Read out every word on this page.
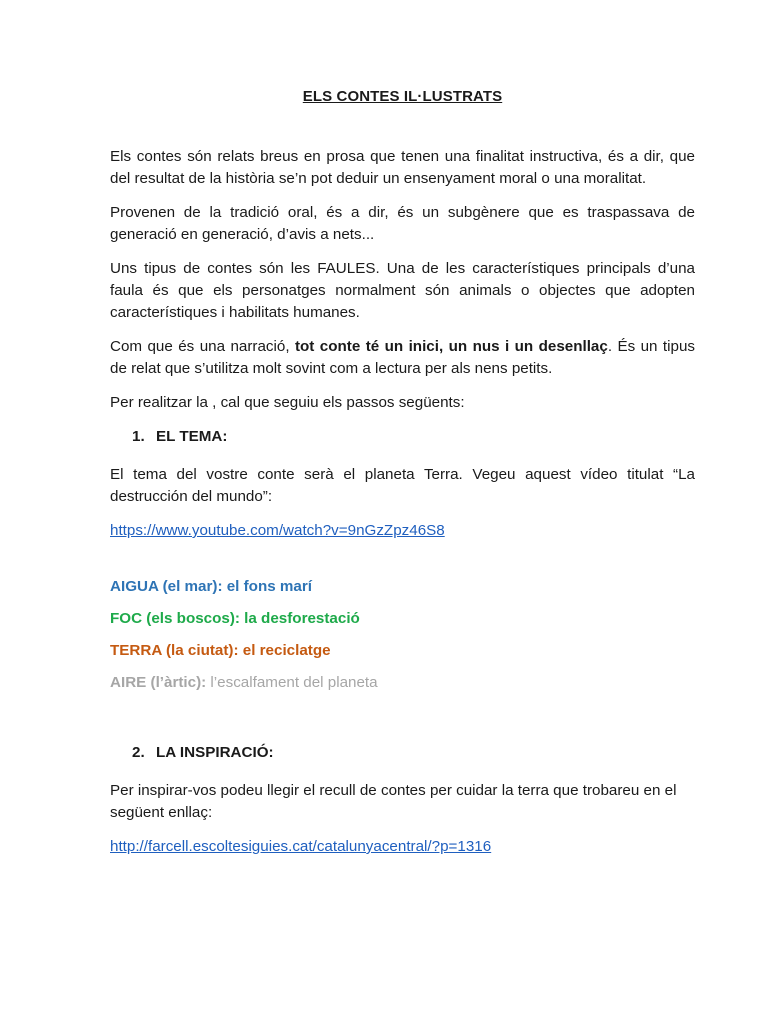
ELS CONTES IL·LUSTRATS

Els contes són relats breus en prosa que tenen una finalitat instructiva, és a dir, que del resultat de la història se’n pot deduir un ensenyament moral o una moralitat.

Provenen de la tradició oral, és a dir, és un subgènere que es traspassava de generació en generació, d’avis a nets...

Uns tipus de contes són les FAULES. Una de les característiques principals d’una faula és que els personatges normalment són animals o objectes que adopten característiques i habilitats humanes.

Com que és una narració, tot conte té un inici, un nus i un desenllaç. És un tipus de relat que s’utilitza molt sovint com a lectura per als nens petits.

Per realitzar la , cal que seguiu els passos següents:

1. EL TEMA:

El tema del vostre conte serà el planeta Terra. Vegeu aquest vídeo titulat “La destrucción del mundo”:

https://www.youtube.com/watch?v=9nGzZpz46S8

AIGUA (el mar): el fons marí
FOC (els boscos): la desforestació
TERRA (la ciutat): el reciclatge
AIRE (l’àrtic): l’escalfament del planeta
2. LA INSPIRACIÓ:

Per inspirar-vos podeu llegir el recull de contes per cuidar la terra que trobareu en el següent enllaç:

http://farcell.escoltesiguies.cat/catalunyacentral/?p=1316
